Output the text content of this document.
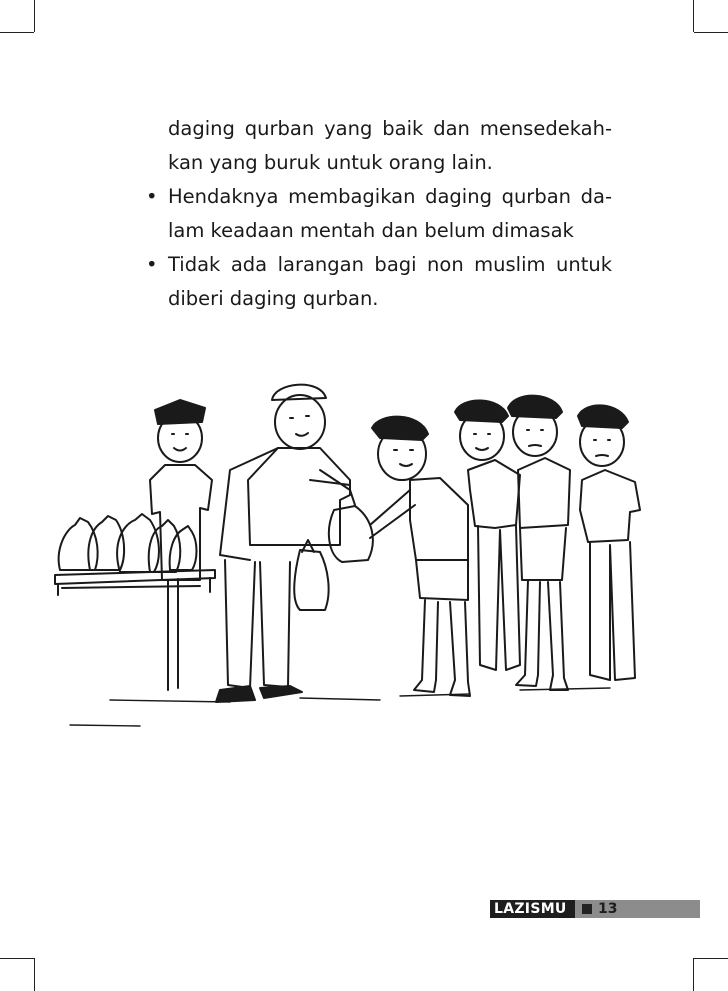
daging qurban yang baik dan mensedekah-
kan yang buruk untuk orang lain.
• Hendaknya membagikan daging qurban da-
lam keadaan mentah dan belum dimasak
• Tidak ada larangan bagi non muslim untuk
diberi daging qurban.
LAZISMU 13
